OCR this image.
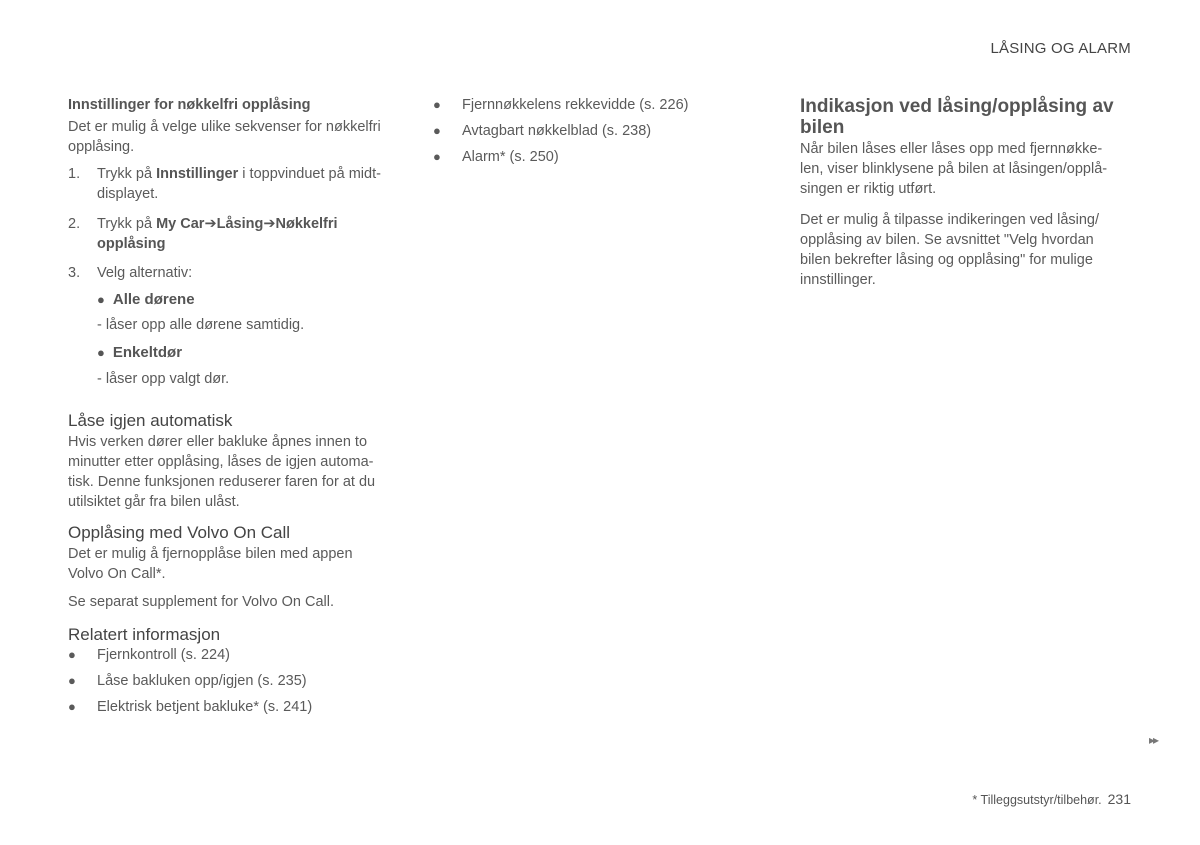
LÅSING OG ALARM
Innstillinger for nøkkelfri opplåsing
Det er mulig å velge ulike sekvenser for nøkkelfri
opplåsing.
1. Trykk på Innstillinger i toppvinduet på midt-
displayet.
2. Trykk på My Car➔Låsing➔Nøkkelfri
opplåsing
3. Velg alternativ:
● Alle dørene
- låser opp alle dørene samtidig.
● Enkeltdør
- låser opp valgt dør.
Låse igjen automatisk
Hvis verken dører eller bakluke åpnes innen to
minutter etter opplåsing, låses de igjen automa-
tisk. Denne funksjonen reduserer faren for at du
utilsiktet går fra bilen ulåst.
Opplåsing med Volvo On Call
Det er mulig å fjernopplåse bilen med appen
Volvo On Call*.
Se separat supplement for Volvo On Call.
Relatert informasjon
● Fjernkontroll (s. 224)
● Låse bakluken opp/igjen (s. 235)
● Elektrisk betjent bakluke* (s. 241)
● Fjernnøkkelens rekkevidde (s. 226)
● Avtagbart nøkkelblad (s. 238)
● Alarm* (s. 250)
Indikasjon ved låsing/opplåsing av
bilen
Når bilen låses eller låses opp med fjernnøkke-
len, viser blinklysene på bilen at låsingen/opplå-
singen er riktig utført.
Det er mulig å tilpasse indikeringen ved låsing/
opplåsing av bilen. Se avsnittet "Velg hvordan
bilen bekrefter låsing og opplåsing" for mulige
innstillinger.
▸▸
* Tilleggsutstyr/tilbehør. 231
